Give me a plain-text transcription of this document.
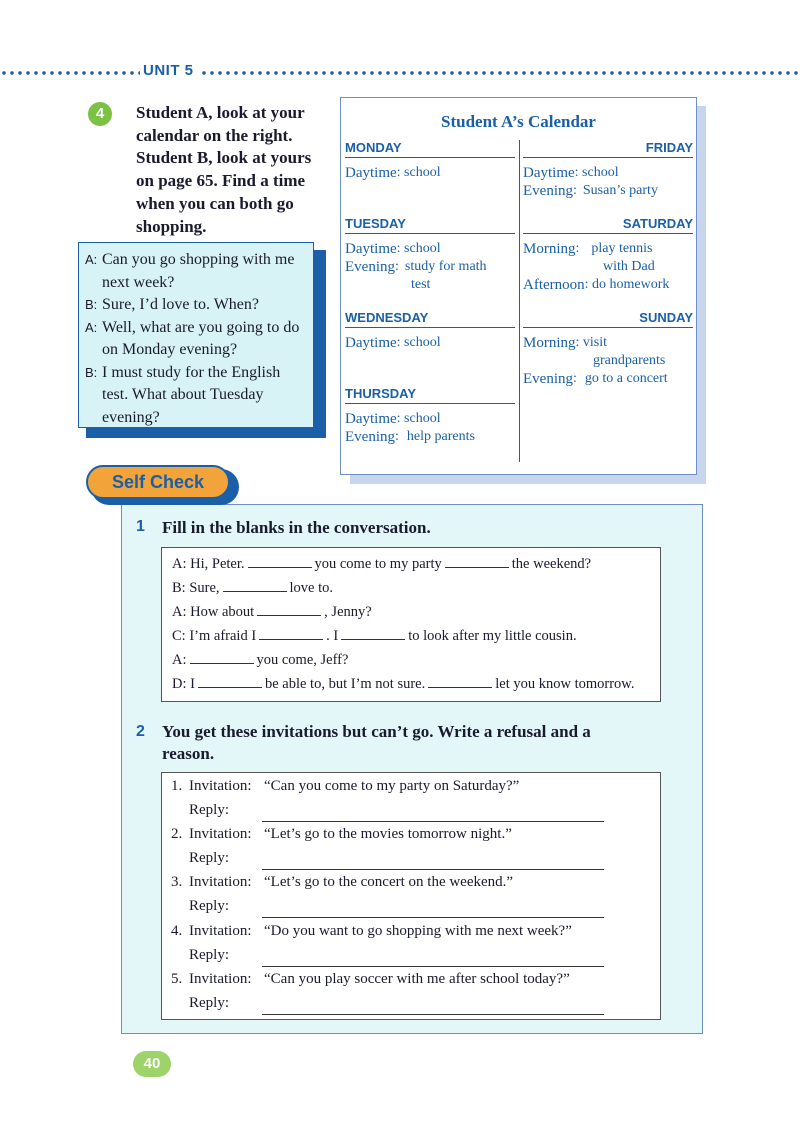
UNIT 5
4	Student A, look at your
calendar on the right.
Student B, look at yours
on page 65. Find a time
when you can both go
shopping.
A: Can you go shopping with me
next week?
B: Sure, I’d love to. When?
A: Well, what are you going to do
on Monday evening?
B: I must study for the English
test. What about Tuesday
evening?
Student A’s Calendar
MONDAY
Daytime : school
TUESDAY
Daytime : school
Evening : study for math
test
WEDNESDAY
Daytime : school
THURSDAY
Daytime : school
Evening : help parents
FRIDAY
Daytime : school
Evening : Susan’s party
SATURDAY
Morning : play tennis
with Dad
Afternoon : do homework
SUNDAY
Morning : visit
grandparents
Evening : go to a concert
Self Check
1 Fill in the blanks in the conversation.
A: Hi, Peter.	you come to my party	the weekend?
B: Sure,	love to.
A: How about	, Jenny?
C: I’m afraid I	. I	to look after my little cousin.
A:	you come, Jeff?
D: I	be able to, but I’m not sure.	let you know tomorrow.
2 You get these invitations but can’t go. Write a refusal and a
reason.
1. Invitation: “Can you come to my party on Saturday?”
Reply:
2. Invitation: “Let’s go to the movies tomorrow night.”
Reply:
3. Invitation: “Let’s go to the concert on the weekend.”
Reply:
4. Invitation: “Do you want to go shopping with me next week?”
Reply:
5. Invitation: “Can you play soccer with me after school today?”
Reply:
40
